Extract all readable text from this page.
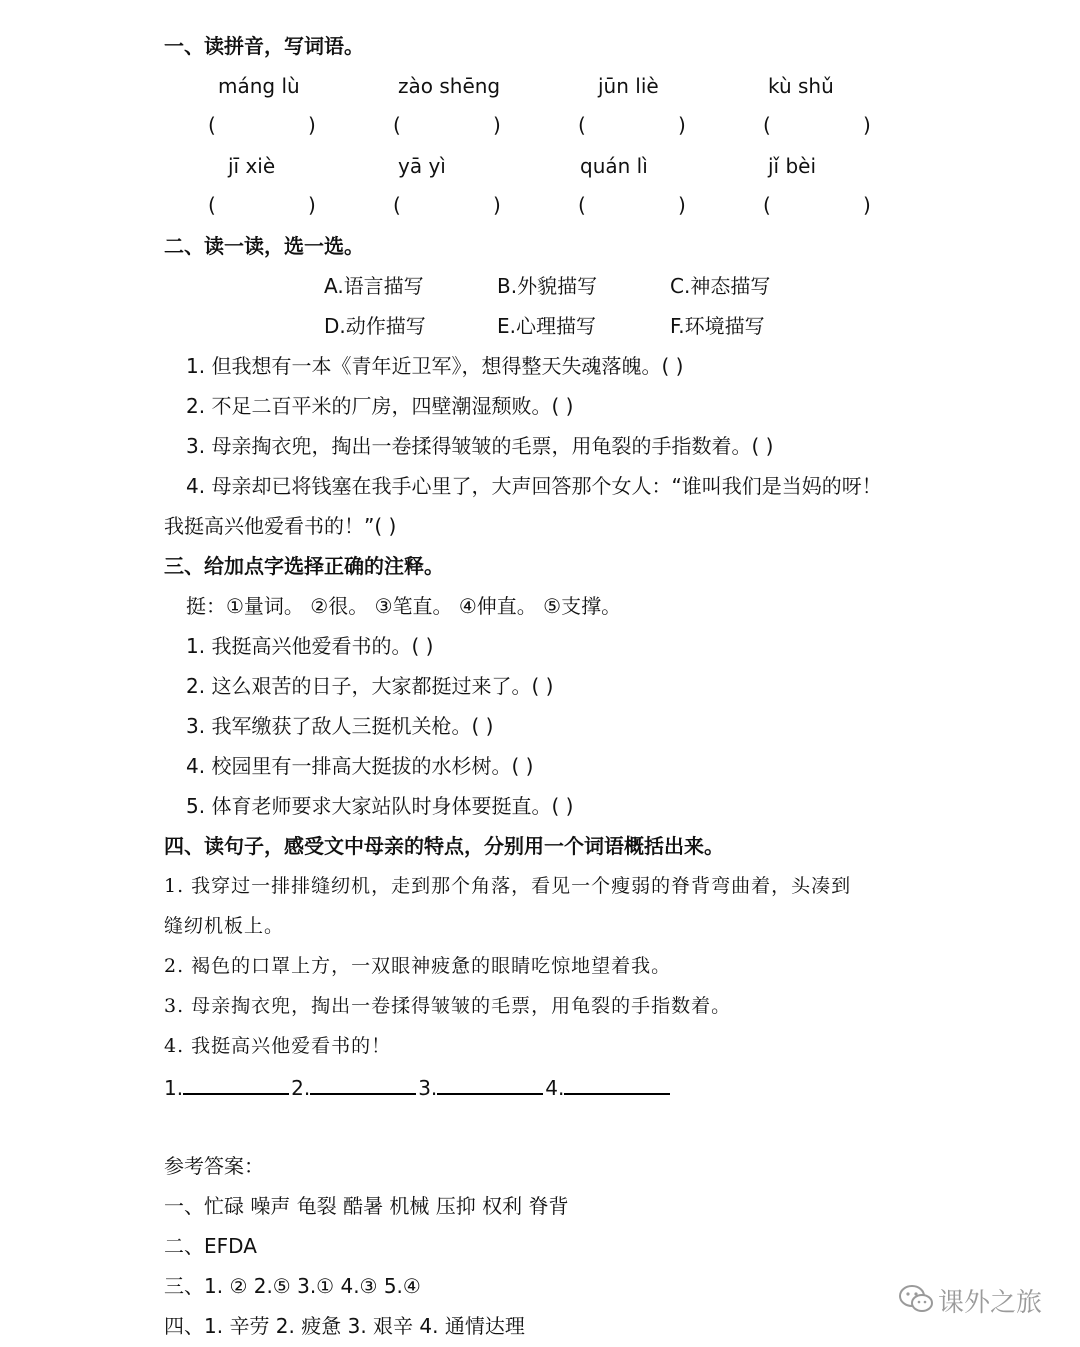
一、读拼音，写词语。
máng lù	zào shēng	jūn liè	kù shǔ
(	)	(	)	(	)	(	)
jī xiè	yā yì	quán lì	jǐ bèi
(	)	(	)	(	)	(	)
二、读一读，选一选。
A.语言描写	B.外貌描写	C.神态描写
D.动作描写	E.心理描写	F.环境描写
1. 但我想有一本《青年近卫军》，想得整天失魂落魄。( )
2. 不足二百平米的厂房，四壁潮湿颓败。( )
3. 母亲掏衣兜，掏出一卷揉得皱皱的毛票，用龟裂的手指数着。( )
4. 母亲却已将钱塞在我手心里了，大声回答那个女人：“谁叫我们是当妈的呀！
我挺高兴他爱看书的！”( )
三、给加点字选择正确的注释。
挺：①量词。 ②很。 ③笔直。 ④伸直。 ⑤支撑。
1. 我挺高兴他爱看书的。( )
2. 这么艰苦的日子，大家都挺过来了。( )
3. 我军缴获了敌人三挺机关枪。( )
4. 校园里有一排高大挺拔的水杉树。( )
5. 体育老师要求大家站队时身体要挺直。( )
四、读句子，感受文中母亲的特点，分别用一个词语概括出来。
1. 我穿过一排排缝纫机，走到那个角落，看见一个瘦弱的脊背弯曲着，头凑到
缝纫机板上。
2. 褐色的口罩上方，一双眼神疲惫的眼睛吃惊地望着我。
3. 母亲掏衣兜，掏出一卷揉得皱皱的毛票，用龟裂的手指数着。
4. 我挺高兴他爱看书的！
1.	2.	3.	4.
参考答案：
一、忙碌 噪声 龟裂 酷暑 机械 压抑 权利 脊背
二、EFDA
三、1. ② 2.⑤ 3.① 4.③ 5.④
四、1. 辛劳 2. 疲惫 3. 艰辛 4. 通情达理
课外之旅
